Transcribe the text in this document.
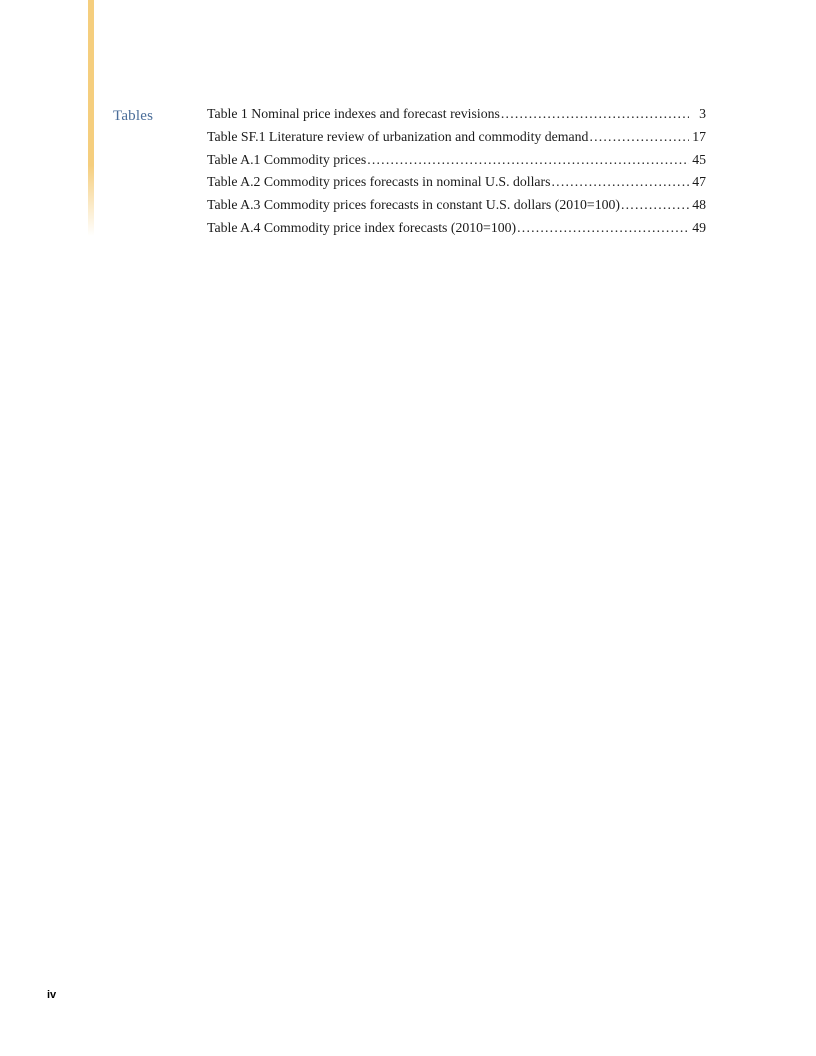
Tables	Table 1 Nominal price indexes and forecast revisions .....	3
Table SF.1 Literature review of urbanization and commodity demand .....	17
Table A.1 Commodity prices .....	45
Table A.2 Commodity prices forecasts in nominal U.S. dollars .....	47
Table A.3 Commodity prices forecasts in constant U.S. dollars (2010=100) .....	48
Table A.4 Commodity price index forecasts (2010=100) .....	49
iv
